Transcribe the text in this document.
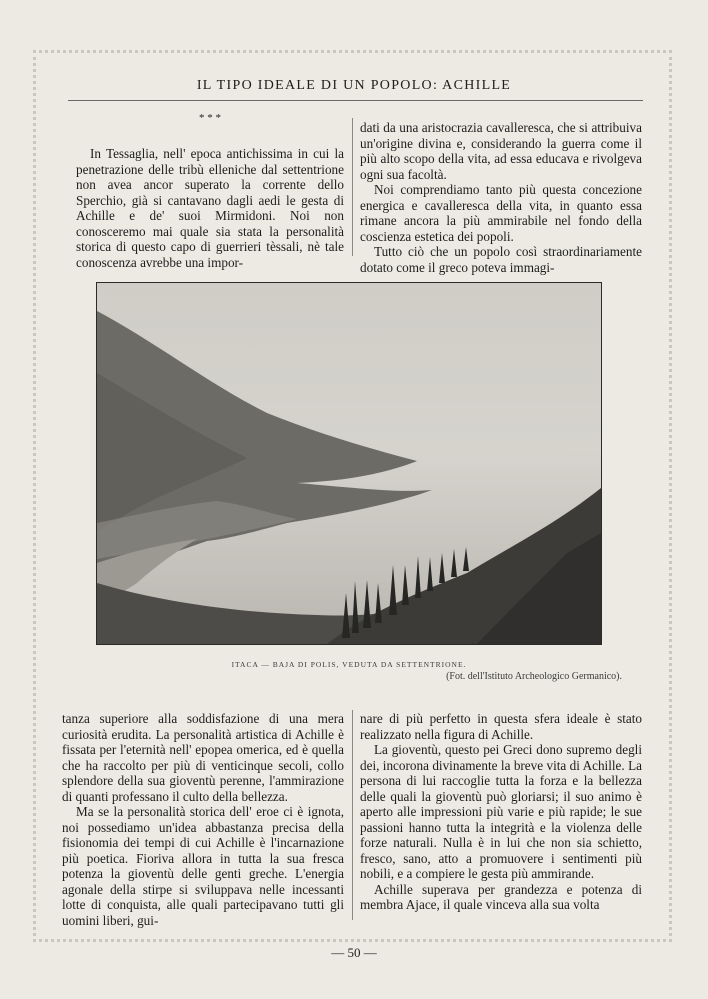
IL TIPO IDEALE DI UN POPOLO: ACHILLE
* * *

In Tessaglia, nell' epoca antichissima in cui la penetrazione delle tribù elleniche dal settentrione non avea ancor superato la corrente dello Sperchio, già si cantavano dagli aedi le gesta di Achille e de' suoi Mirmidoni. Noi non conosceremo mai quale sia stata la personalità storica di questo capo di guerrieri tèssali, nè tale conoscenza avrebbe una impor-

dati da una aristocrazia cavalleresca, che si attribuiva un'origine divina e, considerando la guerra come il più alto scopo della vita, ad essa educava e rivolgeva ogni sua facoltà.

Noi comprendiamo tanto più questa concezione energica e cavalleresca della vita, in quanto essa rimane ancora la più ammirabile nel fondo della coscienza estetica dei popoli.

Tutto ciò che un popolo così straordinariamente dotato come il greco poteva immagi-

ITACA — BAJA DI POLIS, VEDUTA DA SETTENTRIONE.
(Fot. dell'Istituto Archeologico Germanico).

tanza superiore alla soddisfazione di una mera curiosità erudita. La personalità artistica di Achille è fissata per l'eternità nell' epopea omerica, ed è quella che ha raccolto per più di venticinque secoli, collo splendore della sua gioventù perenne, l'ammirazione di quanti professano il culto della bellezza.

Ma se la personalità storica dell' eroe ci è ignota, noi possediamo un'idea abbastanza precisa della fisionomia dei tempi di cui Achille è l'incarnazione più poetica. Fioriva allora in tutta la sua fresca potenza la gioventù delle genti greche. L'energia agonale della stirpe si sviluppava nelle incessanti lotte di conquista, alle quali partecipavano tutti gli uomini liberi, gui-

nare di più perfetto in questa sfera ideale è stato realizzato nella figura di Achille.

La gioventù, questo pei Greci dono supremo degli dei, incorona divinamente la breve vita di Achille. La persona di lui raccoglie tutta la forza e la bellezza delle quali la gioventù può gloriarsi; il suo animo è aperto alle impressioni più varie e più rapide; le sue passioni hanno tutta la integrità e la violenza delle forze naturali. Nulla è in lui che non sia schietto, fresco, sano, atto a promuovere i sentimenti più nobili, e a compiere le gesta più ammirande.

Achille superava per grandezza e potenza di membra Ajace, il quale vinceva alla sua volta

— 50 —
